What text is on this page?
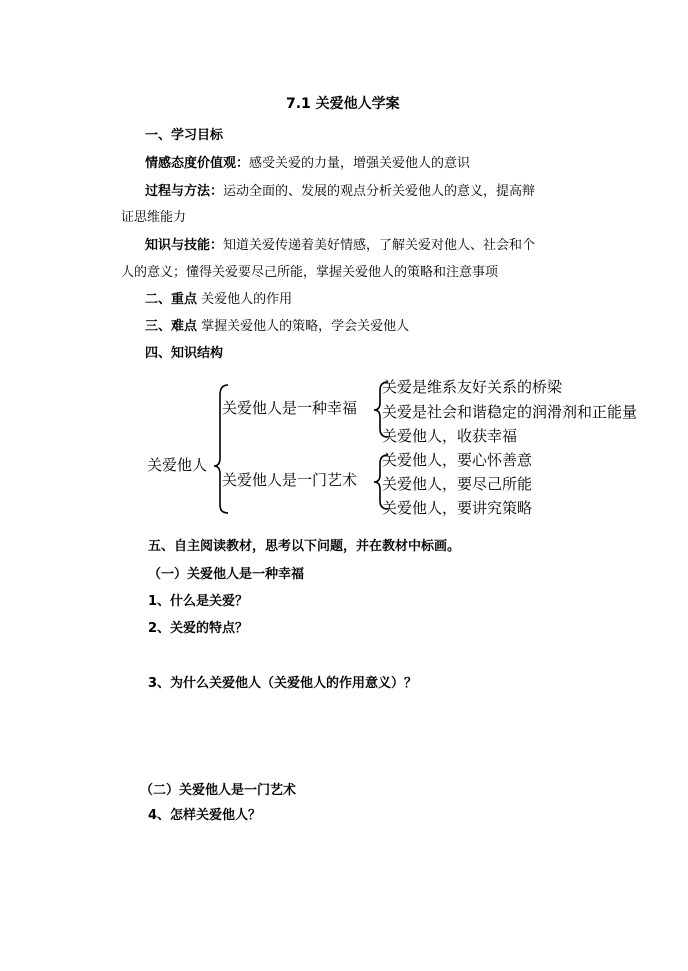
7.1 关爱他人学案
一、学习目标
情感态度价值观：感受关爱的力量，增强关爱他人的意识
过程与方法：运动全面的、发展的观点分析关爱他人的意义，提高辩
证思维能力
知识与技能：知道关爱传递着美好情感，了解关爱对他人、社会和个
人的意义；懂得关爱要尽己所能，掌握关爱他人的策略和注意事项
二、重点 关爱他人的作用
三、难点 掌握关爱他人的策略，学会关爱他人
四、知识结构
关爱他人
关爱他人是一种幸福
关爱他人是一门艺术
关爱是维系友好关系的桥梁
关爱是社会和谐稳定的润滑剂和正能量
关爱他人，收获幸福
关爱他人，要心怀善意
关爱他人，要尽己所能
关爱他人，要讲究策略
五、自主阅读教材，思考以下问题，并在教材中标画。
（一）关爱他人是一种幸福
1、什么是关爱？
2、关爱的特点？
3、为什么关爱他人（关爱他人的作用意义）？
（二）关爱他人是一门艺术
4、怎样关爱他人？
